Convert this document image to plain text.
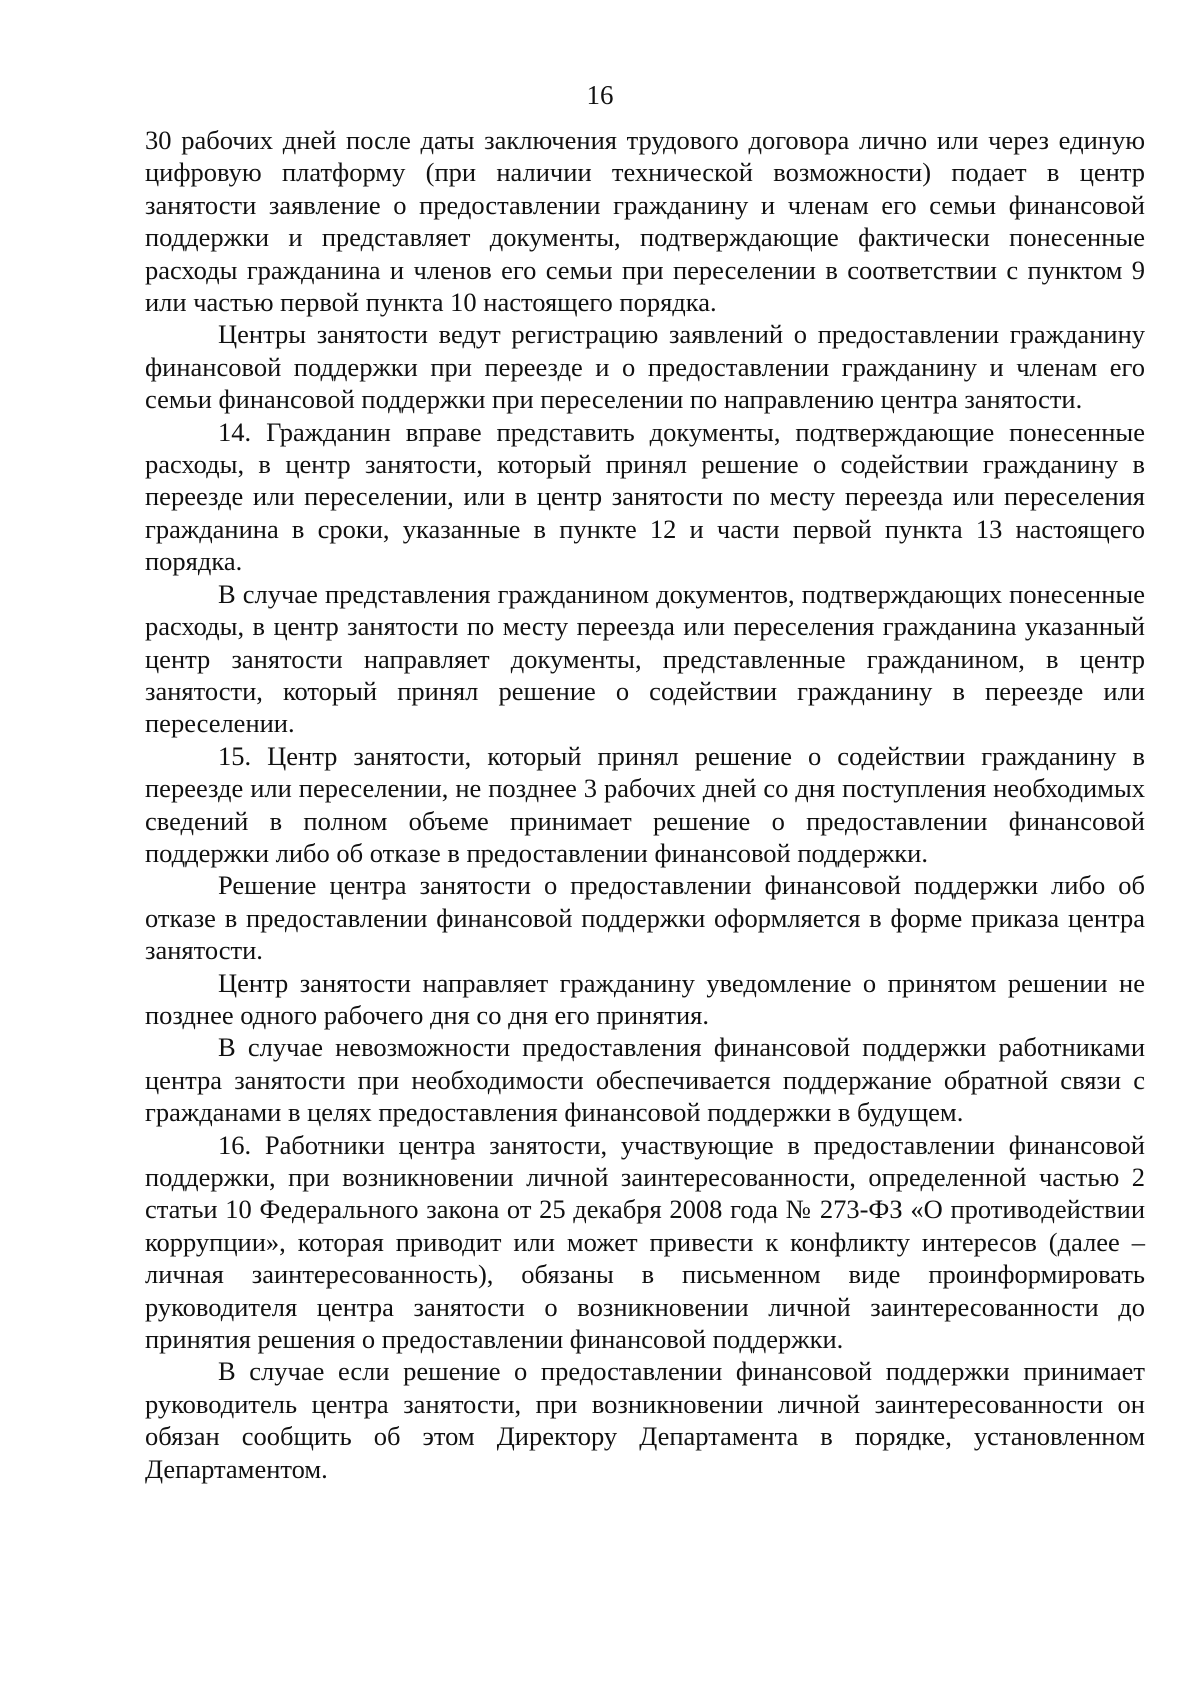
16

30 рабочих дней после даты заключения трудового договора лично или через единую цифровую платформу (при наличии технической возможности) подает в центр занятости заявление о предоставлении гражданину и членам его семьи финансовой поддержки и представляет документы, подтверждающие фактически понесенные расходы гражданина и членов его семьи при переселении в соответствии с пунктом 9 или частью первой пункта 10 настоящего порядка.

Центры занятости ведут регистрацию заявлений о предоставлении гражданину финансовой поддержки при переезде и о предоставлении гражданину и членам его семьи финансовой поддержки при переселении по направлению центра занятости.

14. Гражданин вправе представить документы, подтверждающие понесенные расходы, в центр занятости, который принял решение о содействии гражданину в переезде или переселении, или в центр занятости по месту переезда или переселения гражданина в сроки, указанные в пункте 12 и части первой пункта 13 настоящего порядка.

В случае представления гражданином документов, подтверждающих понесенные расходы, в центр занятости по месту переезда или переселения гражданина указанный центр занятости направляет документы, представленные гражданином, в центр занятости, который принял решение о содействии гражданину в переезде или переселении.

15. Центр занятости, который принял решение о содействии гражданину в переезде или переселении, не позднее 3 рабочих дней со дня поступления необходимых сведений в полном объеме принимает решение о предоставлении финансовой поддержки либо об отказе в предоставлении финансовой поддержки.

Решение центра занятости о предоставлении финансовой поддержки либо об отказе в предоставлении финансовой поддержки оформляется в форме приказа центра занятости.

Центр занятости направляет гражданину уведомление о принятом решении не позднее одного рабочего дня со дня его принятия.

В случае невозможности предоставления финансовой поддержки работниками центра занятости при необходимости обеспечивается поддержание обратной связи с гражданами в целях предоставления финансовой поддержки в будущем.

16. Работники центра занятости, участвующие в предоставлении финансовой поддержки, при возникновении личной заинтересованности, определенной частью 2 статьи 10 Федерального закона от 25 декабря 2008 года № 273-ФЗ «О противодействии коррупции», которая приводит или может привести к конфликту интересов (далее – личная заинтересованность), обязаны в письменном виде проинформировать руководителя центра занятости о возникновении личной заинтересованности до принятия решения о предоставлении финансовой поддержки.

В случае если решение о предоставлении финансовой поддержки принимает руководитель центра занятости, при возникновении личной заинтересованности он обязан сообщить об этом Директору Департамента в порядке, установленном Департаментом.
